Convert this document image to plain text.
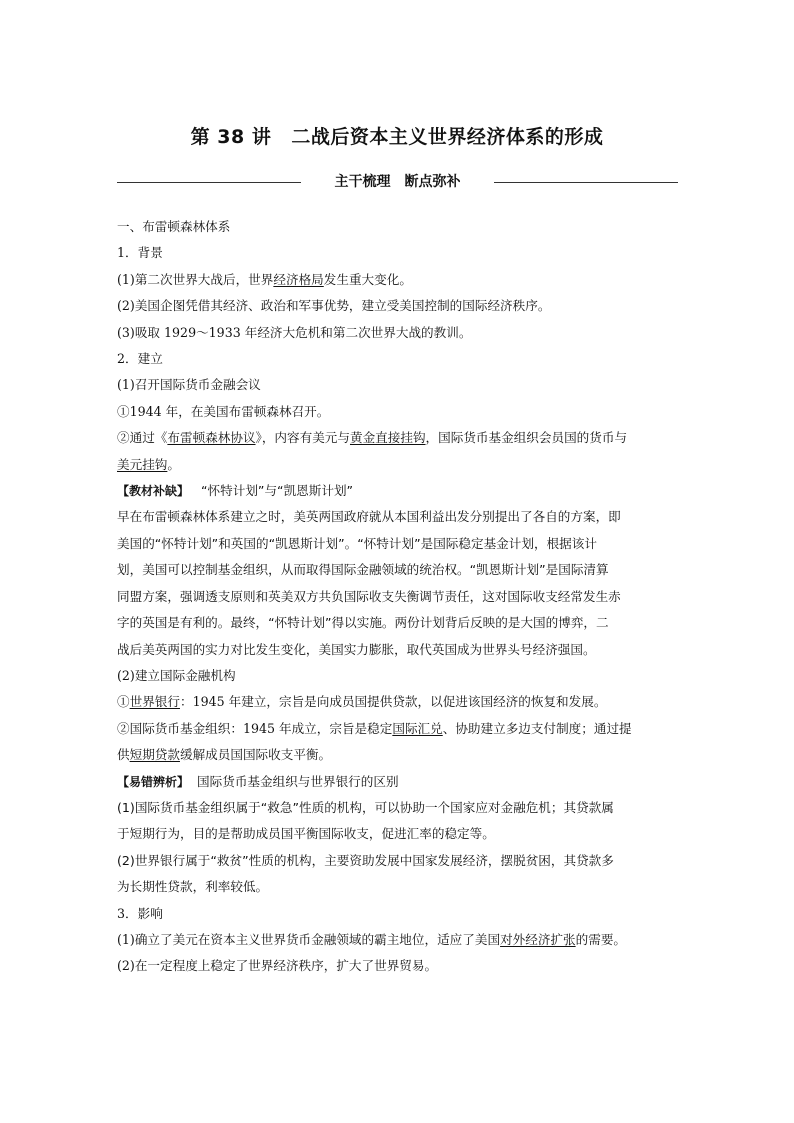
第 38 讲 二战后资本主义世界经济体系的形成
主干梳理　断点弥补

一、布雷顿森林体系

1．背景

(1)第二次世界大战后，世界经济格局发生重大变化。

(2)美国企图凭借其经济、政治和军事优势，建立受美国控制的国际经济秩序。

(3)吸取 1929～1933 年经济大危机和第二次世界大战的教训。

2．建立

(1)召开国际货币金融会议

①1944 年，在美国布雷顿森林召开。

②通过《布雷顿森林协议》，内容有美元与黄金直接挂钩，国际货币基金组织会员国的货币与
美元挂钩。

【教材补缺】 “怀特计划”与“凯恩斯计划”

早在布雷顿森林体系建立之时，美英两国政府就从本国利益出发分别提出了各自的方案，即

美国的“怀特计划”和英国的“凯恩斯计划”。“怀特计划”是国际稳定基金计划，根据该计

划，美国可以控制基金组织，从而取得国际金融领域的统治权。“凯恩斯计划”是国际清算

同盟方案，强调透支原则和英美双方共负国际收支失衡调节责任，这对国际收支经常发生赤

字的英国是有利的。最终，“怀特计划”得以实施。两份计划背后反映的是大国的博弈，二

战后美英两国的实力对比发生变化，美国实力膨胀，取代英国成为世界头号经济强国。

(2)建立国际金融机构

①世界银行：1945 年建立，宗旨是向成员国提供贷款，以促进该国经济的恢复和发展。

②国际货币基金组织：1945 年成立，宗旨是稳定国际汇兑、协助建立多边支付制度；通过提
供短期贷款缓解成员国国际收支平衡。

【易错辨析】 国际货币基金组织与世界银行的区别

(1)国际货币基金组织属于“救急”性质的机构，可以协助一个国家应对金融危机；其贷款属

于短期行为，目的是帮助成员国平衡国际收支，促进汇率的稳定等。

(2)世界银行属于“救贫”性质的机构，主要资助发展中国家发展经济，摆脱贫困，其贷款多

为长期性贷款，利率较低。

3．影响

(1)确立了美元在资本主义世界货币金融领域的霸主地位，适应了美国对外经济扩张的需要。

(2)在一定程度上稳定了世界经济秩序，扩大了世界贸易。
